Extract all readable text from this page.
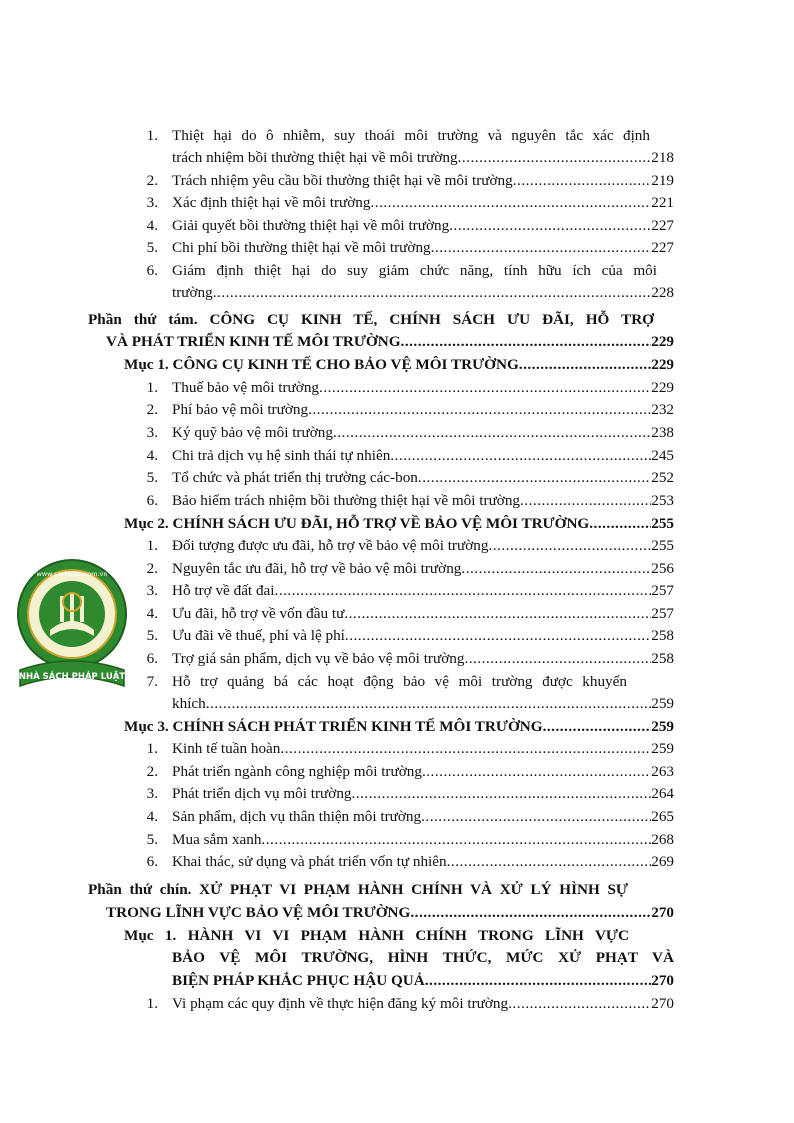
NHÀ SÁCH PHÁP LUẬT
www.sachluat.com.vn
1. Thiệt hại do ô nhiễm, suy thoái môi trường và nguyên tắc xác định
trách nhiệm bồi thường thiệt hại về môi trường .....	218
2. Trách nhiệm yêu cầu bồi thường thiệt hại về môi trường .....	219
3. Xác định thiệt hại về môi trường .....	221
4. Giải quyết bồi thường thiệt hại về môi trường .....	227
5. Chi phí bồi thường thiệt hại về môi trường .....	227
6. Giám định thiệt hại do suy giảm chức năng, tính hữu ích của môi
trường .....	228
Phần thứ tám. CÔNG CỤ KINH TẾ, CHÍNH SÁCH ƯU ĐÃI, HỖ TRỢ
VÀ PHÁT TRIỂN KINH TẾ MÔI TRƯỜNG .....	229
Mục 1. CÔNG CỤ KINH TẾ CHO BẢO VỆ MÔI TRƯỜNG .....	229
1. Thuế bảo vệ môi trường .....	229
2. Phí bảo vệ môi trường .....	232
3. Ký quỹ bảo vệ môi trường .....	238
4. Chi trả dịch vụ hệ sinh thái tự nhiên .....	245
5. Tổ chức và phát triển thị trường các-bon .....	252
6. Bảo hiểm trách nhiệm bồi thường thiệt hại về môi trường .....	253
Mục 2. CHÍNH SÁCH ƯU ĐÃI, HỖ TRỢ VỀ BẢO VỆ MÔI TRƯỜNG .....	255
1. Đối tượng được ưu đãi, hỗ trợ về bảo vệ môi trường .....	255
2. Nguyên tắc ưu đãi, hỗ trợ về bảo vệ môi trường .....	256
3. Hỗ trợ về đất đai .....	257
4. Ưu đãi, hỗ trợ về vốn đầu tư .....	257
5. Ưu đãi về thuế, phí và lệ phí .....	258
6. Trợ giá sản phẩm, dịch vụ về bảo vệ môi trường .....	258
7. Hỗ trợ quảng bá các hoạt động bảo vệ môi trường được khuyến
khích .....	259
Mục 3. CHÍNH SÁCH PHÁT TRIỂN KINH TẾ MÔI TRƯỜNG .....	259
1. Kinh tế tuần hoàn .....	259
2. Phát triển ngành công nghiệp môi trường .....	263
3. Phát triển dịch vụ môi trường .....	264
4. Sản phẩm, dịch vụ thân thiện môi trường .....	265
5. Mua sắm xanh .....	268
6. Khai thác, sử dụng và phát triển vốn tự nhiên .....	269
Phần thứ chín. XỬ PHẠT VI PHẠM HÀNH CHÍNH VÀ XỬ LÝ HÌNH SỰ
TRONG LĨNH VỰC BẢO VỆ MÔI TRƯỜNG .....	270
Mục 1. HÀNH VI VI PHẠM HÀNH CHÍNH TRONG LĨNH VỰC
BẢO VỆ MÔI TRƯỜNG, HÌNH THỨC, MỨC XỬ PHẠT VÀ
BIỆN PHÁP KHẮC PHỤC HẬU QUẢ .....	270
1. Vi phạm các quy định về thực hiện đăng ký môi trường .....	270
